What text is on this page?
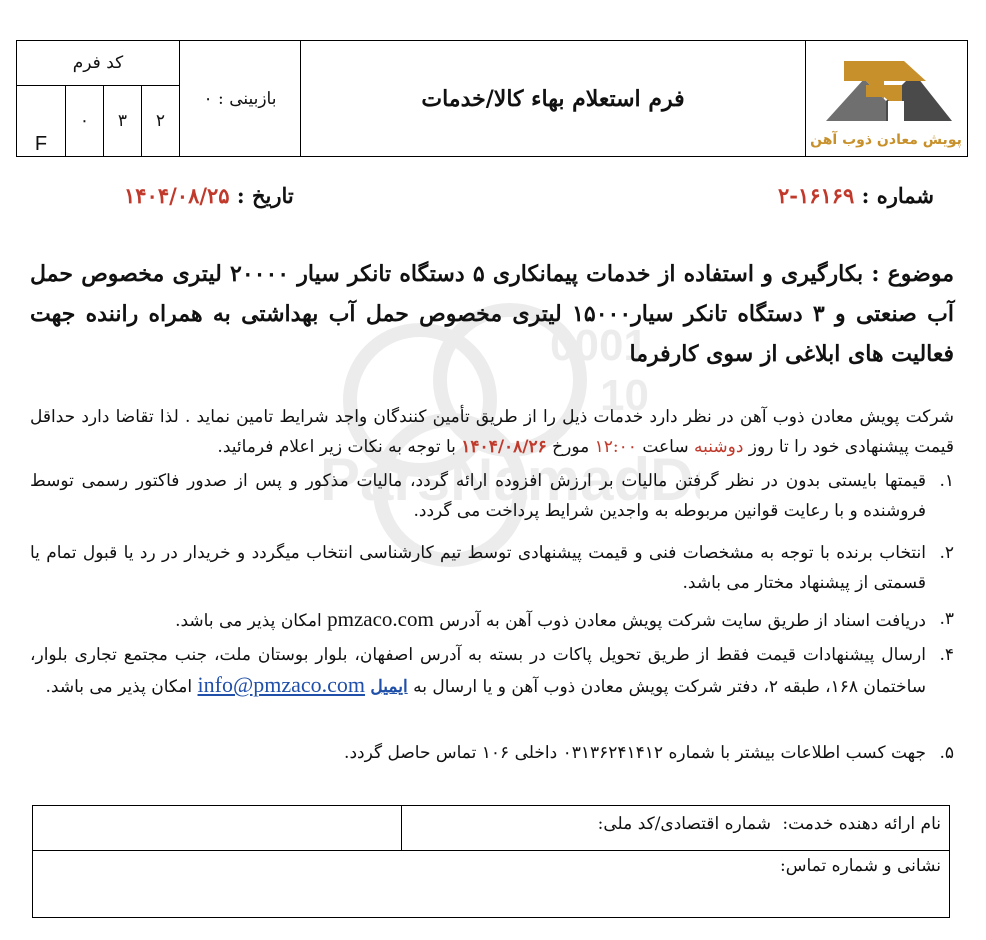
0001
10
ParsNamadD
کد فرم
F
۰	۳	۲
بازبینی : ۰	فرم استعلام بهاء کالا/خدمات
پویش معادن ذوب آهن
شماره : ۱۶۱۶۹-۲
تاریخ : ۱۴۰۴/۰۸/۲۵
موضوع : بکارگیری و استفاده از خدمات پیمانکاری ۵ دستگاه تانکر سیار ۲۰۰۰۰ لیتری مخصوص حمل آب صنعتی و ۳ دستگاه تانکر سیار۱۵۰۰۰ لیتری مخصوص حمل آب بهداشتی به همراه راننده جهت فعالیت های ابلاغی از سوی کارفرما
شرکت پویش معادن ذوب آهن در نظر دارد خدمات ذیل را از طریق تأمین کنندگان واجد شرایط تامین نماید . لذا تقاضا دارد حداقل قیمت پیشنهادی خود را تا روز دوشنبه ساعت ۱۲:۰۰ مورخ ۱۴۰۴/۰۸/۲۶ با توجه به نکات زیر اعلام فرمائید.
۱.
قیمتها بایستی بدون در نظر گرفتن مالیات بر ارزش افزوده ارائه گردد، مالیات مذکور و پس از صدور فاکتور رسمی توسط فروشنده و با رعایت قوانین مربوطه به واجدین شرایط پرداخت می گردد.
۲.
انتخاب برنده با توجه به مشخصات فنی و قیمت پیشنهادی توسط تیم کارشناسی انتخاب میگردد و خریدار در رد یا قبول تمام یا قسمتی از پیشنهاد مختار می باشد.
۳.
دریافت اسناد از طریق سایت شرکت پویش معادن ذوب آهن به آدرس pmzaco.com امکان پذیر می باشد.
۴.
ارسال پیشنهادات قیمت فقط از طریق تحویل پاکات در بسته به آدرس اصفهان، بلوار بوستان ملت، جنب مجتمع تجاری بلوار، ساختمان ۱۶۸، طبقه ۲، دفتر شرکت پویش معادن ذوب آهن و یا ارسال به ایمیل info@pmzaco.com امکان پذیر می باشد.
۵.
جهت کسب اطلاعات بیشتر با شماره ۰۳۱۳۶۲۴۱۴۱۲ داخلی ۱۰۶ تماس حاصل گردد.
نام ارائه دهنده خدمت:
شماره اقتصادی/کد ملی:
نشانی و شماره تماس:
